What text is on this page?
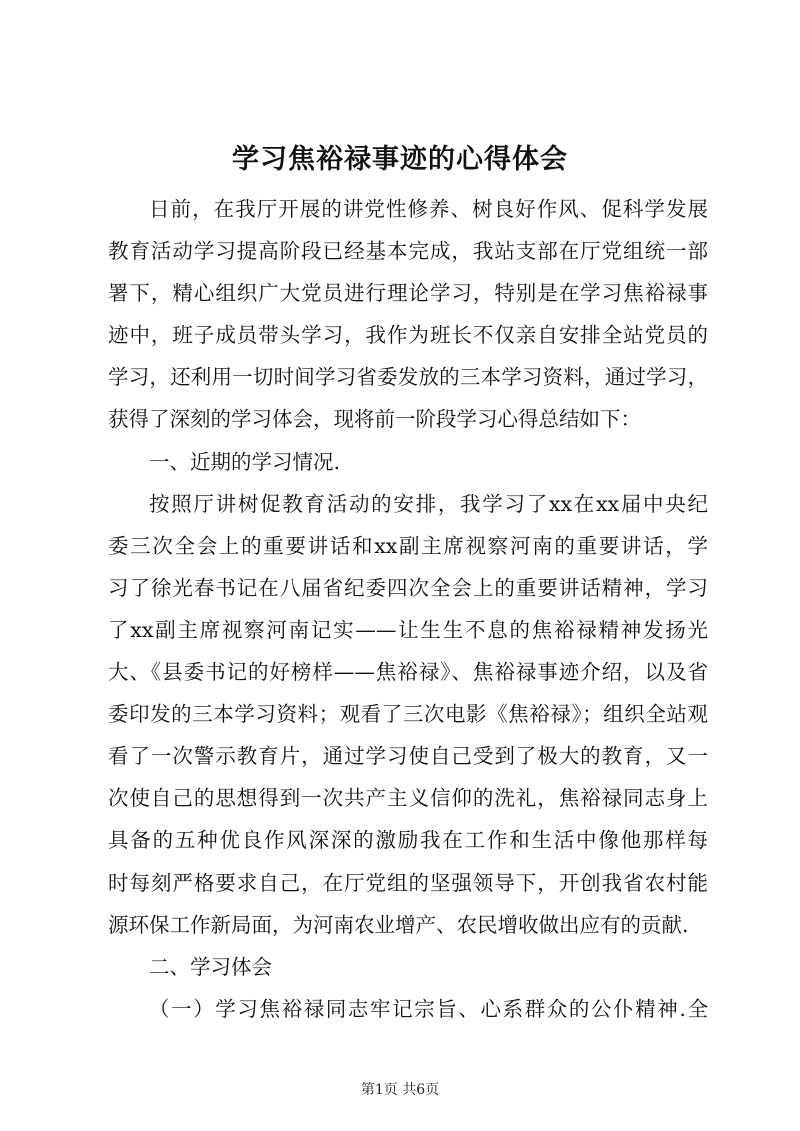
学习焦裕禄事迹的心得体会

日前，在我厅开展的讲党性修养、树良好作风、促科学发展
教育活动学习提高阶段已经基本完成，我站支部在厅党组统一部
署下，精心组织广大党员进行理论学习，特别是在学习焦裕禄事
迹中，班子成员带头学习，我作为班长不仅亲自安排全站党员的
学习，还利用一切时间学习省委发放的三本学习资料，通过学习，
获得了深刻的学习体会，现将前一阶段学习心得总结如下：

一、近期的学习情况.

按照厅讲树促教育活动的安排，我学习了xx在xx届中央纪
委三次全会上的重要讲话和xx副主席视察河南的重要讲话，学
习了徐光春书记在八届省纪委四次全会上的重要讲话精神，学习
了xx副主席视察河南记实——让生生不息的焦裕禄精神发扬光
大、《县委书记的好榜样——焦裕禄》、焦裕禄事迹介绍，以及省
委印发的三本学习资料；观看了三次电影《焦裕禄》；组织全站观
看了一次警示教育片，通过学习使自己受到了极大的教育，又一
次使自己的思想得到一次共产主义信仰的洗礼，焦裕禄同志身上
具备的五种优良作风深深的激励我在工作和生活中像他那样每
时每刻严格要求自己，在厅党组的坚强领导下，开创我省农村能
源环保工作新局面，为河南农业增产、农民增收做出应有的贡献.

二、学习体会

（一）学习焦裕禄同志牢记宗旨、心系群众的公仆精神.全

第1页 共6页
